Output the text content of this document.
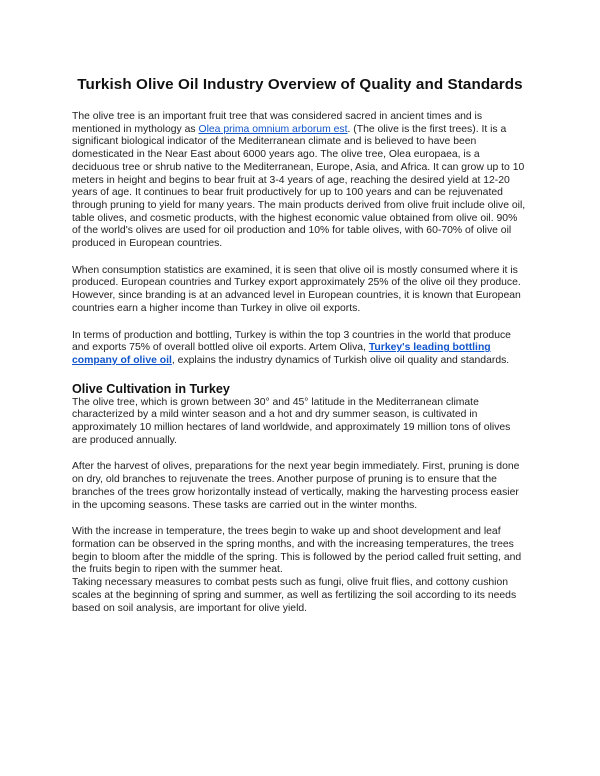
Turkish Olive Oil Industry Overview of Quality and Standards

The olive tree is an important fruit tree that was considered sacred in ancient times and is mentioned in mythology as Olea prima omnium arborum est. (The olive is the first trees). It is a significant biological indicator of the Mediterranean climate and is believed to have been domesticated in the Near East about 6000 years ago. The olive tree, Olea europaea, is a deciduous tree or shrub native to the Mediterranean, Europe, Asia, and Africa. It can grow up to 10 meters in height and begins to bear fruit at 3-4 years of age, reaching the desired yield at 12-20 years of age. It continues to bear fruit productively for up to 100 years and can be rejuvenated through pruning to yield for many years. The main products derived from olive fruit include olive oil, table olives, and cosmetic products, with the highest economic value obtained from olive oil. 90% of the world's olives are used for oil production and 10% for table olives, with 60-70% of olive oil produced in European countries.

When consumption statistics are examined, it is seen that olive oil is mostly consumed where it is produced. European countries and Turkey export approximately 25% of the olive oil they produce. However, since branding is at an advanced level in European countries, it is known that European countries earn a higher income than Turkey in olive oil exports.

In terms of production and bottling, Turkey is within the top 3 countries in the world that produce and exports 75% of overall bottled olive oil exports. Artem Oliva, Turkey's leading bottling company of olive oil, explains the industry dynamics of Turkish olive oil quality and standards.

Olive Cultivation in Turkey

The olive tree, which is grown between 30° and 45° latitude in the Mediterranean climate characterized by a mild winter season and a hot and dry summer season, is cultivated in approximately 10 million hectares of land worldwide, and approximately 19 million tons of olives are produced annually.

After the harvest of olives, preparations for the next year begin immediately. First, pruning is done on dry, old branches to rejuvenate the trees. Another purpose of pruning is to ensure that the branches of the trees grow horizontally instead of vertically, making the harvesting process easier in the upcoming seasons. These tasks are carried out in the winter months.

With the increase in temperature, the trees begin to wake up and shoot development and leaf formation can be observed in the spring months, and with the increasing temperatures, the trees begin to bloom after the middle of the spring. This is followed by the period called fruit setting, and the fruits begin to ripen with the summer heat.

Taking necessary measures to combat pests such as fungi, olive fruit flies, and cottony cushion scales at the beginning of spring and summer, as well as fertilizing the soil according to its needs based on soil analysis, are important for olive yield.
